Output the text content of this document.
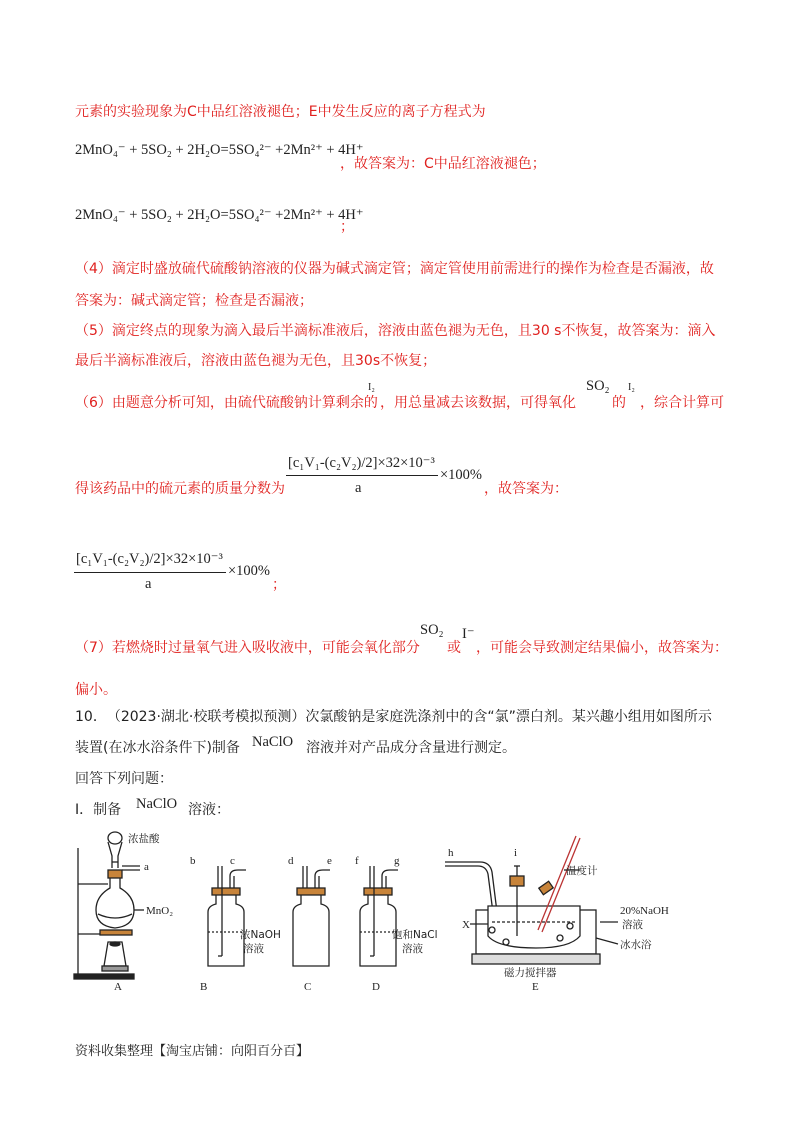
元素的实验现象为C中品红溶液褪色；E中发生反应的离子方程式为
2MnO₄⁻ + 5SO₂ + 2H₂O=5SO₄²⁻ +2Mn²⁺ + 4H⁺
，故答案为：C中品红溶液褪色；
2MnO₄⁻ + 5SO₂ + 2H₂O=5SO₄²⁻ +2Mn²⁺ + 4H⁺
；
（4）滴定时盛放硫代硫酸钠溶液的仪器为碱式滴定管；滴定管使用前需进行的操作为检查是否漏液，故
答案为：碱式滴定管；检查是否漏液；
（5）滴定终点的现象为滴入最后半滴标准液后，溶液由蓝色褪为无色，且30 s不恢复，故答案为：滴入
最后半滴标准液后，溶液由蓝色褪为无色，且30s不恢复；
（6）由题意分析可知，由硫代硫酸钠计算剩余的
I₂
，用总量减去该数据，可得氧化
SO₂
的
I₂
，综合计算可
得该药品中的硫元素的质量分数为
[c₁V₁-(c₂V₂)/2]×32×10⁻³
a
×100%
，故答案为：
[c₁V₁-(c₂V₂)/2]×32×10⁻³
a
×100%
；
（7）若燃烧时过量氧气进入吸收液中，可能会氧化部分
SO₂
或
I⁻
，可能会导致测定结果偏小，故答案为：
偏小。
10．　（2023·湖北·校联考模拟预测）次氯酸钠是家庭洗涤剂中的含“氯”漂白剂。某兴趣小组用如图所示
装置(在冰水浴条件下)制备 NaClO 溶液并对产品成分含量进行测定。
回答下列问题：
Ⅰ．制备 NaClO 溶液：
浓盐酸
a
MnO₂
A
b	c
浓NaOH
溶液
B
d	e
C
f	g
饱和NaCl
溶液
D
h	i
温度计
20%NaOH
溶液
冰水浴
磁力搅拌器
X
E
资料收集整理【淘宝店铺：向阳百分百】
